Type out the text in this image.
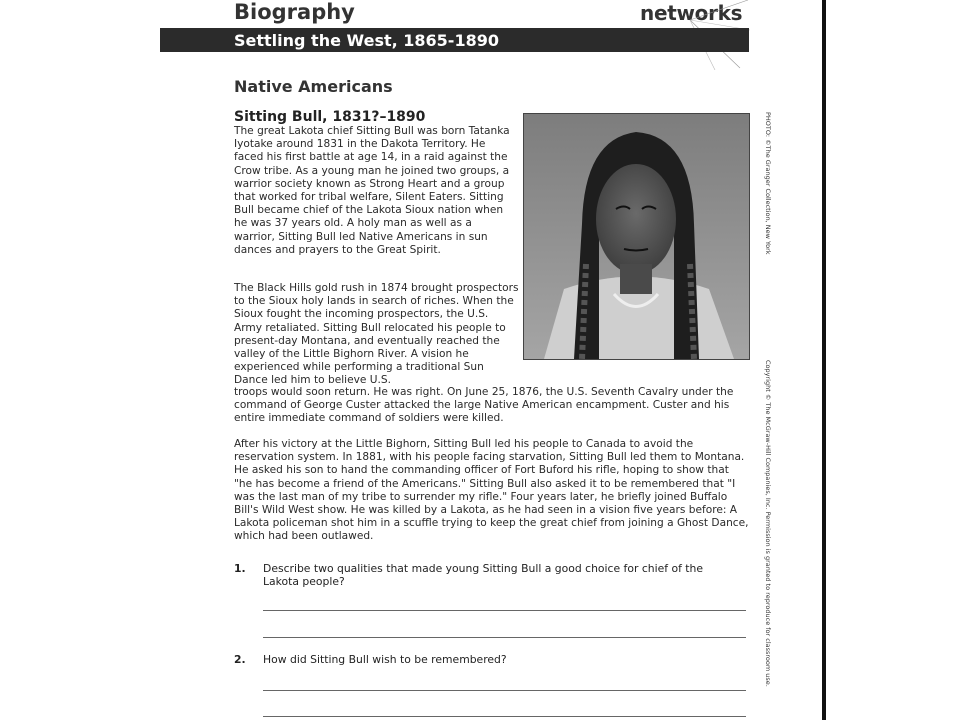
Biography	networks
Settling the West, 1865-1890
Native Americans
Sitting Bull, 1831?–1890

The great Lakota chief Sitting Bull was born Tatanka Iyotake around 1831 in the Dakota Territory. He faced his first battle at age 14, in a raid against the Crow tribe. As a young man he joined two groups, a warrior society known as Strong Heart and a group that worked for tribal welfare, Silent Eaters. Sitting Bull became chief of the Lakota Sioux nation when he was 37 years old. A holy man as well as a warrior, Sitting Bull led Native Americans in sun dances and prayers to the Great Spirit.

The Black Hills gold rush in 1874 brought prospectors to the Sioux holy lands in search of riches. When the Sioux fought the incoming prospectors, the U.S. Army retaliated. Sitting Bull relocated his people to present-day Montana, and eventually reached the valley of the Little Bighorn River. A vision he experienced while performing a traditional Sun Dance led him to believe U.S.

troops would soon return. He was right. On June 25, 1876, the U.S. Seventh Cavalry under the command of George Custer attacked the large Native American encampment. Custer and his entire immediate command of soldiers were killed.

After his victory at the Little Bighorn, Sitting Bull led his people to Canada to avoid the reservation system. In 1881, with his people facing starvation, Sitting Bull led them to Montana. He asked his son to hand the commanding officer of Fort Buford his rifle, hoping to show that "he has become a friend of the Americans." Sitting Bull also asked it to be remembered that "I was the last man of my tribe to surrender my rifle." Four years later, he briefly joined Buffalo Bill's Wild West show. He was killed by a Lakota, as he had seen in a vision five years before: A Lakota policeman shot him in a scuffle trying to keep the great chief from joining a Ghost Dance, which had been outlawed.

PHOTO: ©The Granger Collection, New York
Copyright © The McGraw-Hill Companies, Inc. Permission is granted to reproduce for classroom use.
1. Describe two qualities that made young Sitting Bull a good choice for chief of the Lakota people?
2. How did Sitting Bull wish to be remembered?
